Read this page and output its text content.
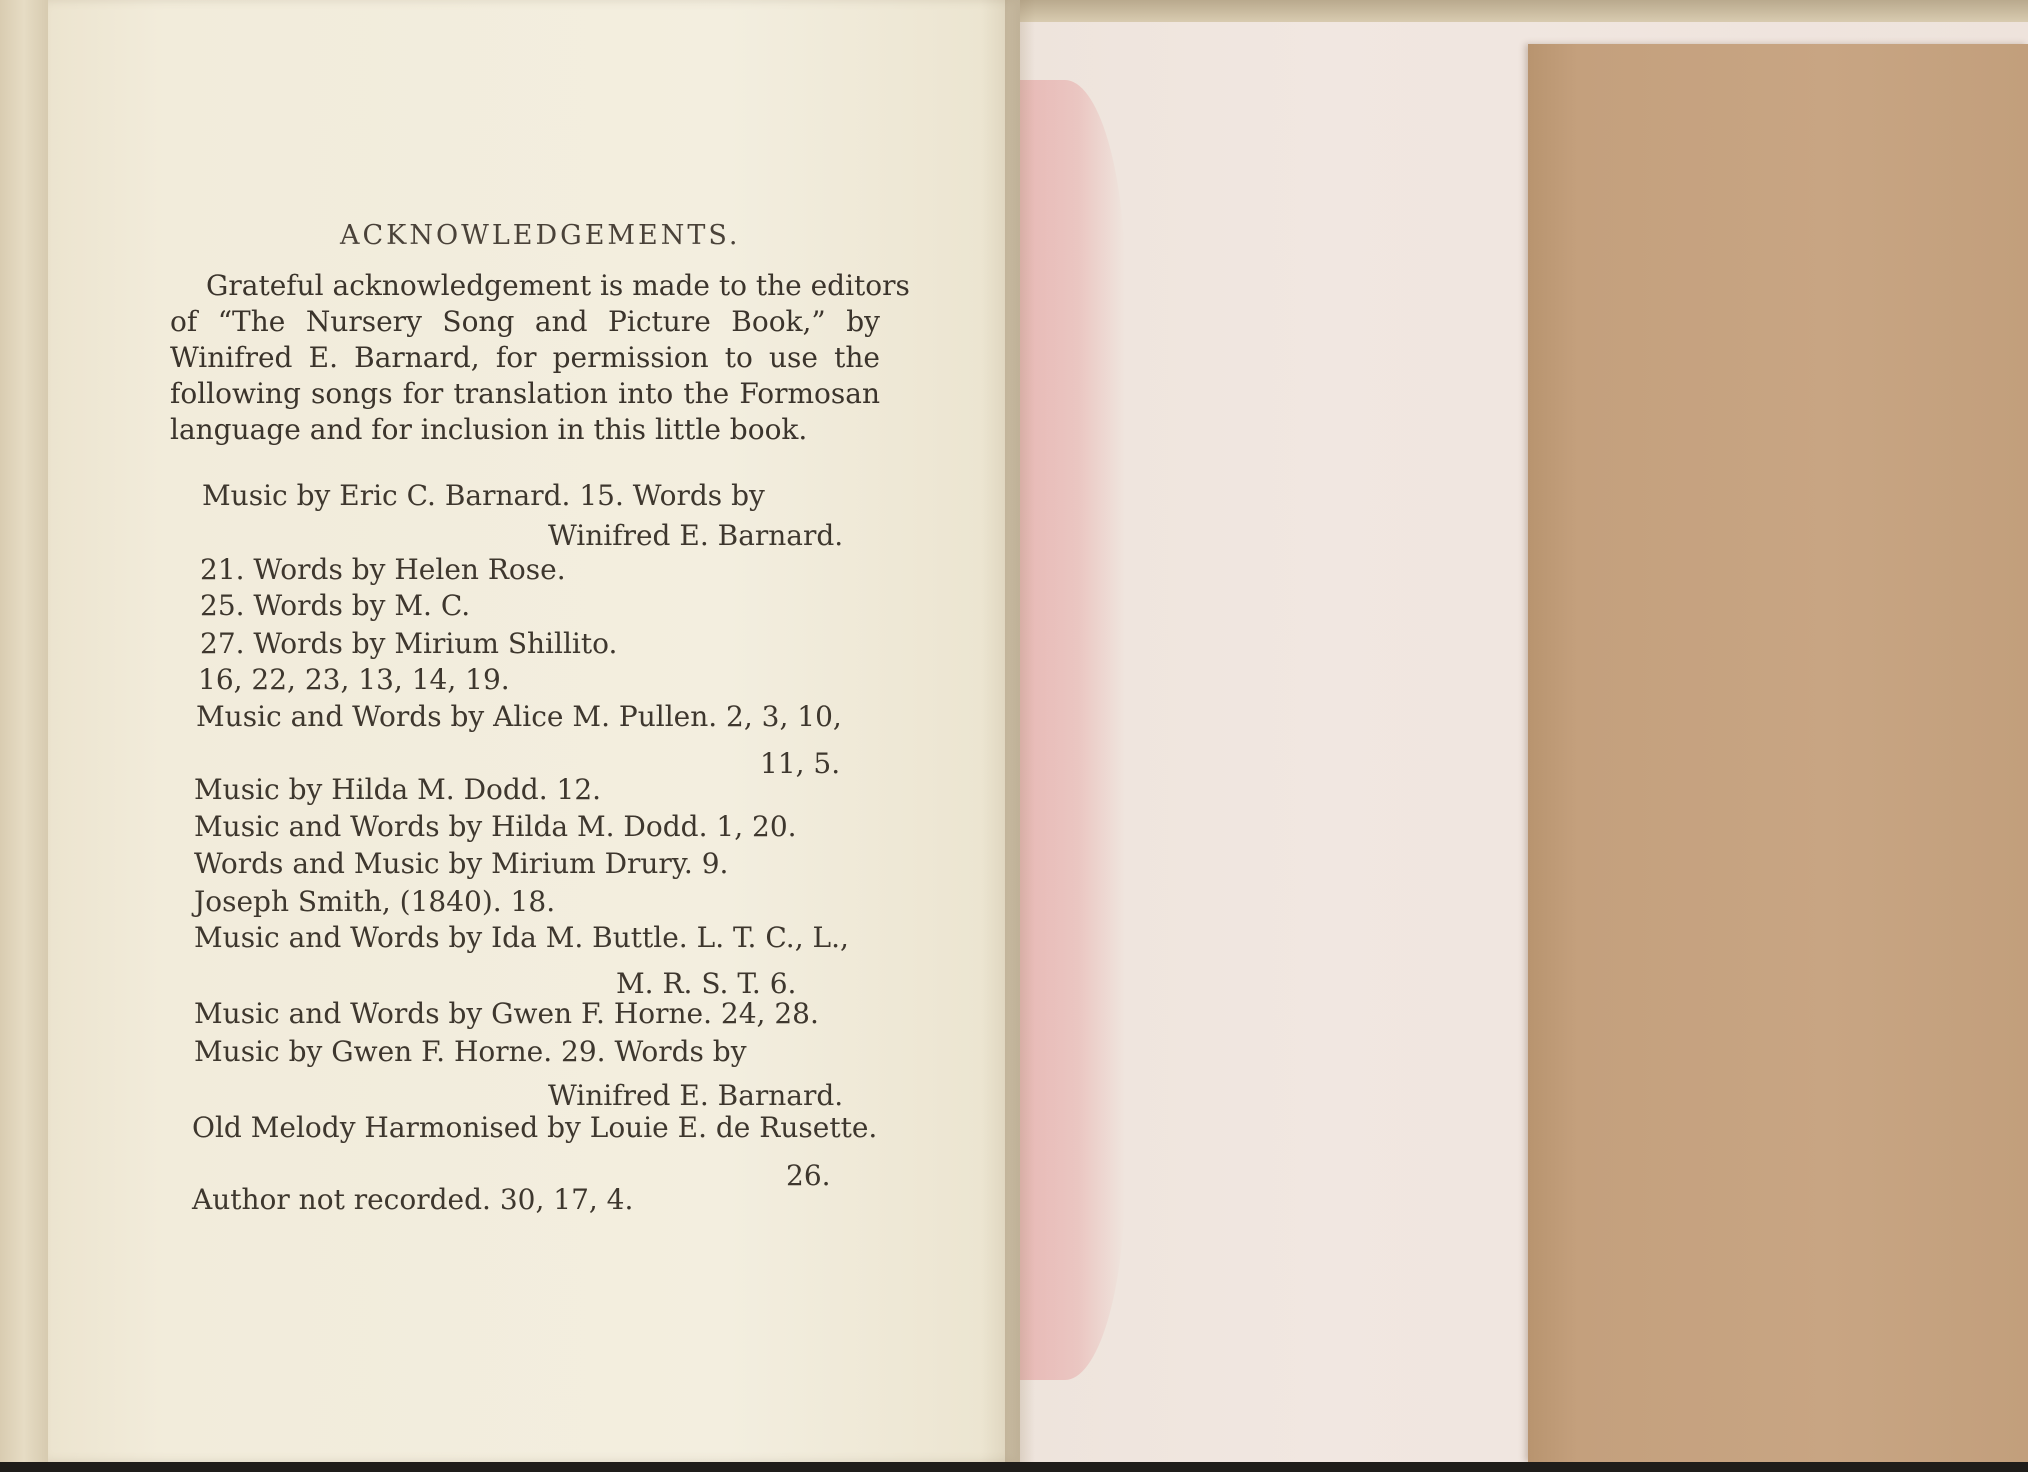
ACKNOWLEDGEMENTS.
Grateful acknowledgement is made to the editors
of “The Nursery Song and Picture Book,” by
Winifred E. Barnard, for permission to use the
following songs for translation into the Formosan
language and for inclusion in this little book.
Music by Eric C. Barnard. 15. Words by
Winifred E. Barnard.
21. Words by Helen Rose.
25. Words by M. C.
27. Words by Mirium Shillito.
16, 22, 23, 13, 14, 19.
Music and Words by Alice M. Pullen. 2, 3, 10,
11, 5.
Music by Hilda M. Dodd. 12.
Music and Words by Hilda M. Dodd. 1, 20.
Words and Music by Mirium Drury. 9.
Joseph Smith, (1840). 18.
Music and Words by Ida M. Buttle. L. T. C., L.,
M. R. S. T. 6.
Music and Words by Gwen F. Horne. 24, 28.
Music by Gwen F. Horne. 29. Words by
Winifred E. Barnard.
Old Melody Harmonised by Louie E. de Rusette.
26.
Author not recorded. 30, 17, 4.
